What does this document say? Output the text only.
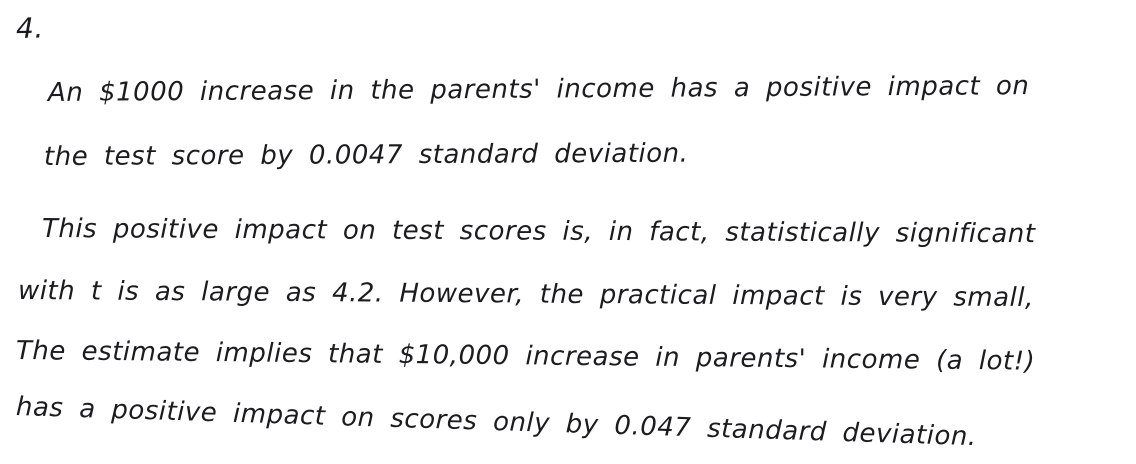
4.
An $1000 increase in the parents' income has a positive impact on
the test score by 0.0047 standard deviation.
This positive impact on test scores is, in fact, statistically significant
with t is as large as 4.2. However, the practical impact is very small,
The estimate implies that $10,000 increase in parents' income (a lot!)
has a positive impact on scores only by 0.047 standard deviation.
